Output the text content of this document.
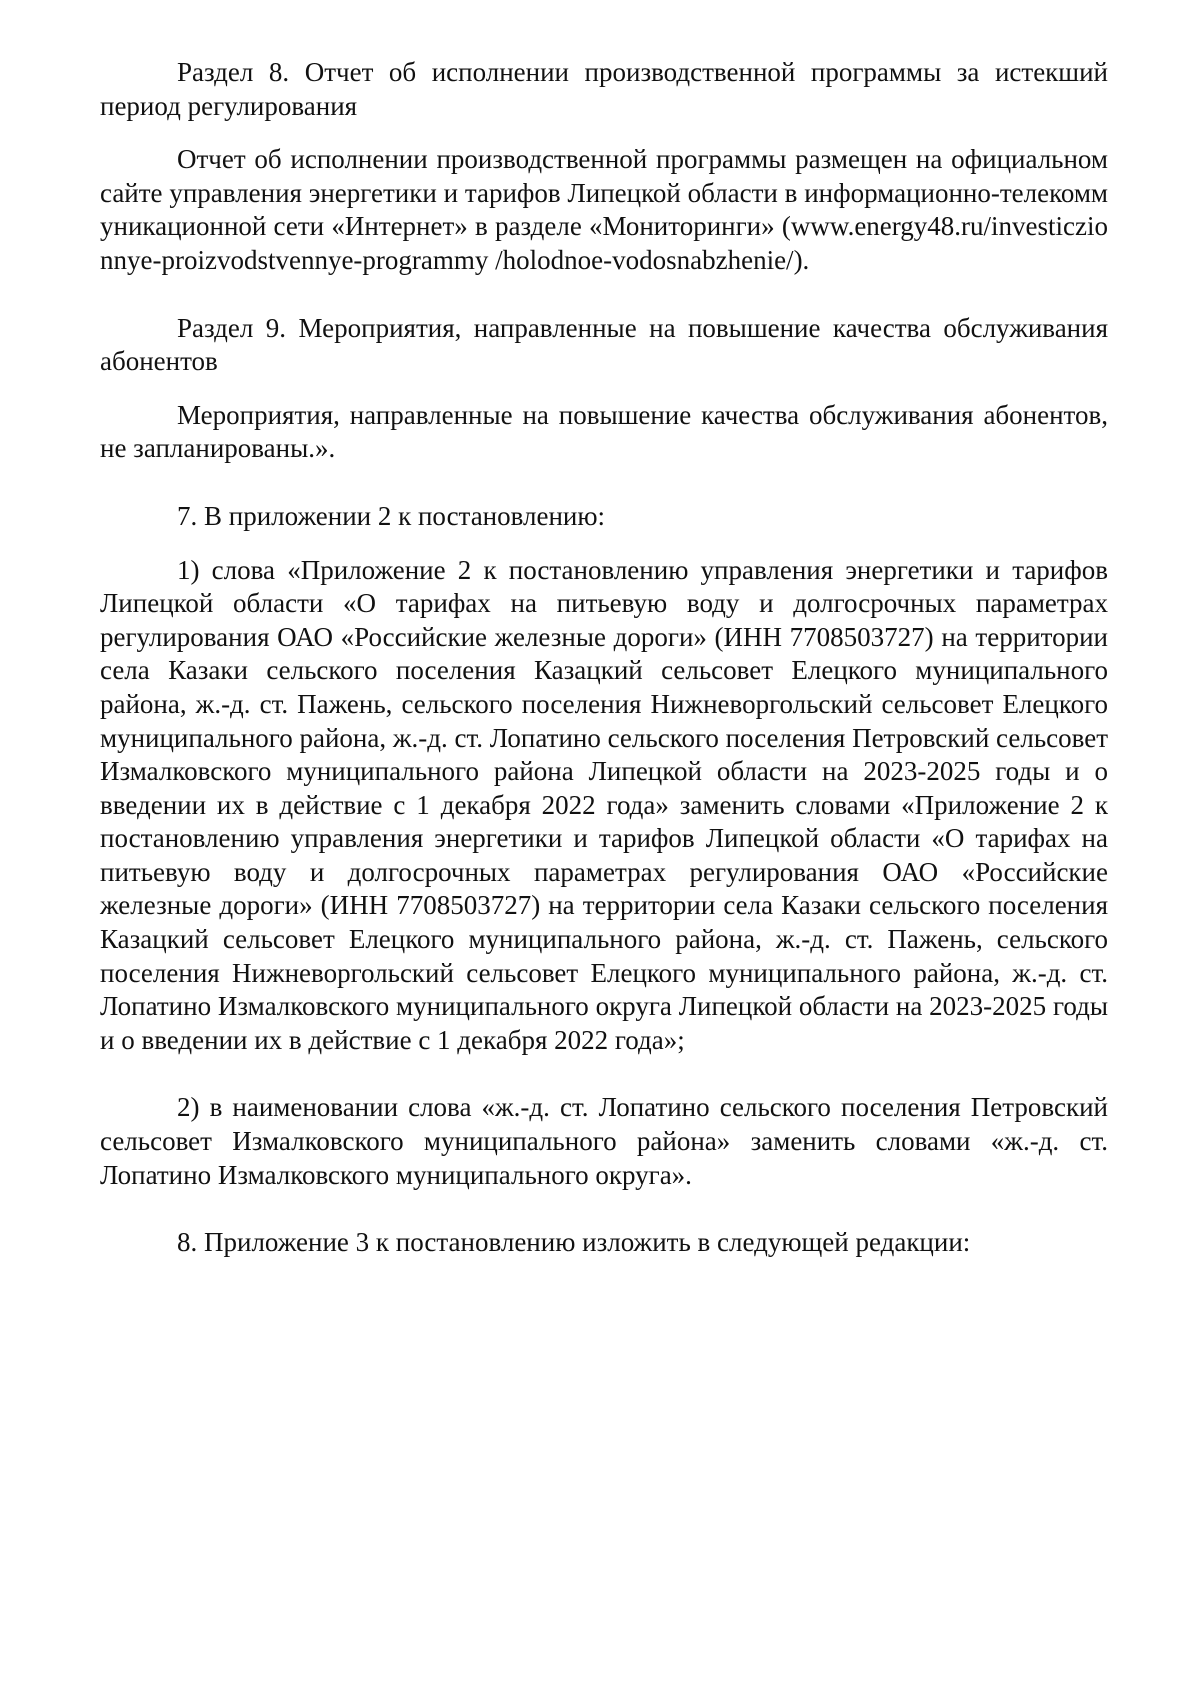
Раздел 8. Отчет об исполнении производственной программы за истекший период регулирования

Отчет об исполнении производственной программы размещен на официальном сайте управления энергетики и тарифов Липецкой области в информационно-телекоммуникационной сети «Интернет» в разделе «Мониторинги» (www.energy48.ru/investiczionnye-proizvodstvennye-programmy /holodnoe-vodosnabzhenie/).

Раздел 9. Мероприятия, направленные на повышение качества обслуживания абонентов

Мероприятия, направленные на повышение качества обслуживания абонентов, не запланированы.».

7. В приложении 2 к постановлению:

1) слова «Приложение 2 к постановлению управления энергетики и тарифов Липецкой области «О тарифах на питьевую воду и долгосрочных параметрах регулирования ОАО «Российские железные дороги» (ИНН 7708503727) на территории села Казаки сельского поселения Казацкий сельсовет Елецкого муниципального района, ж.-д. ст. Пажень, сельского поселения Нижневоргольский сельсовет Елецкого муниципального района, ж.-д. ст. Лопатино сельского поселения Петровский сельсовет Измалковского муниципального района Липецкой области на 2023-2025 годы и о введении их в действие с 1 декабря 2022 года» заменить словами «Приложение 2 к постановлению управления энергетики и тарифов Липецкой области «О тарифах на питьевую воду и долгосрочных параметрах регулирования ОАО «Российские железные дороги» (ИНН 7708503727) на территории села Казаки сельского поселения Казацкий сельсовет Елецкого муниципального района, ж.-д. ст. Пажень, сельского поселения Нижневоргольский сельсовет Елецкого муниципального района, ж.-д. ст. Лопатино Измалковского муниципального округа Липецкой области на 2023-2025 годы и о введении их в действие с 1 декабря 2022 года»;

2) в наименовании слова «ж.-д. ст. Лопатино сельского поселения Петровский сельсовет Измалковского муниципального района» заменить словами «ж.-д. ст. Лопатино Измалковского муниципального округа».

8. Приложение 3 к постановлению изложить в следующей редакции:
